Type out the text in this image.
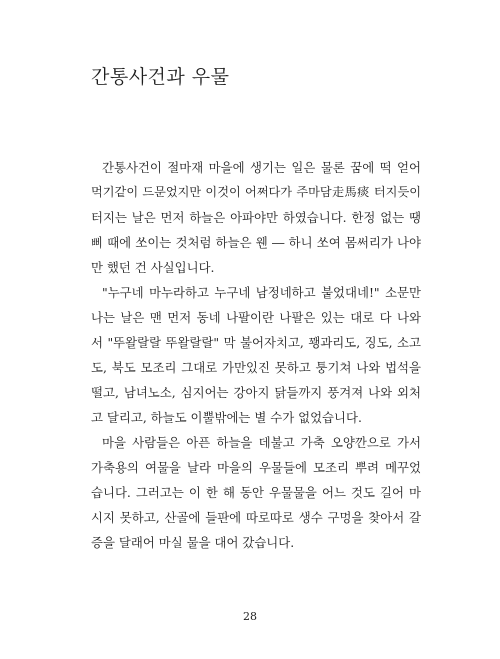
간통사건과 우물
간통사건이 절마재 마을에 생기는 일은 물론 꿈에 떡 얻어
먹기같이 드문었지만 이것이 어쩌다가 주마담走馬痰 터지듯이
터지는 날은 먼저 하늘은 아파야만 하였습니다. 한정 없는 땡
삐 때에 쏘이는 것처럼 하늘은 웬 ― 하니 쏘여 몸써리가 나야
만 했던 건 사실입니다.
"누구네 마누라하고 누구네 남정네하고 붙었대네!" 소문만
나는 날은 맨 먼저 동네 나팔이란 나팔은 있는 대로 다 나와
서 "뚜왈랄랄 뚜왈랄랄" 막 불어자치고, 꽹과리도, 징도, 소고
도, 북도 모조리 그대로 가만있진 못하고 퉁기쳐 나와 법석을
떨고, 남녀노소, 심지어는 강아지 닭들까지 풍겨져 나와 외처
고 달리고, 하늘도 이뿔밖에는 별 수가 없었습니다.
마을 사람들은 아픈 하늘을 데불고 가축 오양깐으로 가서
가축용의 여물을 날라 마을의 우물들에 모조리 뿌려 메꾸었
습니다. 그러고는 이 한 해 동안 우물물을 어느 것도 길어 마
시지 못하고, 산골에 들판에 따로따로 생수 구멍을 찾아서 갈
증을 달래어 마실 물을 대어 갔습니다.
28
